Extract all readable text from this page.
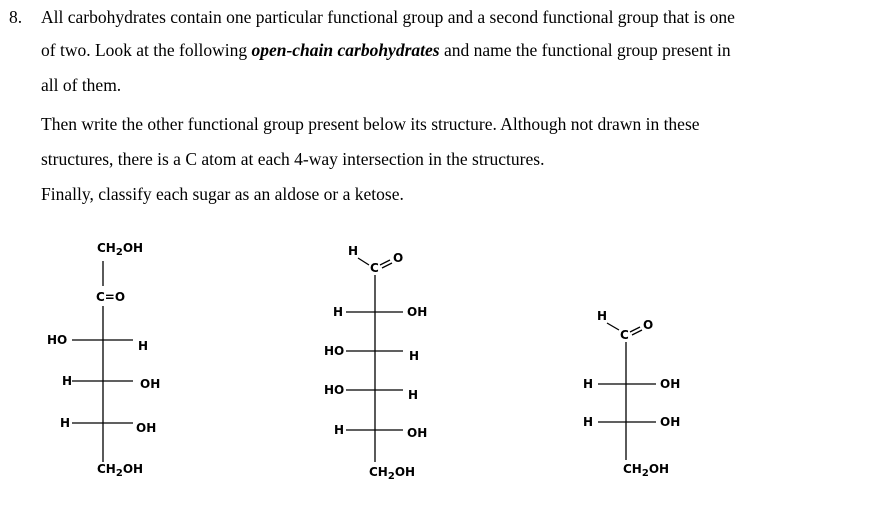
8. All carbohydrates contain one particular functional group and a second functional group that is one
of two. Look at the following open-chain carbohydrates and name the functional group present in
all of them.
Then write the other functional group present below its structure. Although not drawn in these
structures, there is a C atom at each 4-way intersection in the structures.
Finally, classify each sugar as an aldose or a ketose.
$CH_2OH$
C=O
HO	H
H	OH
H	OH
$CH_2OH$
H
C
O
H	OH
HO	H
HO	H
H	OH
$CH_2OH$
H
C
O
H	OH
H	OH
$CH_2OH$
